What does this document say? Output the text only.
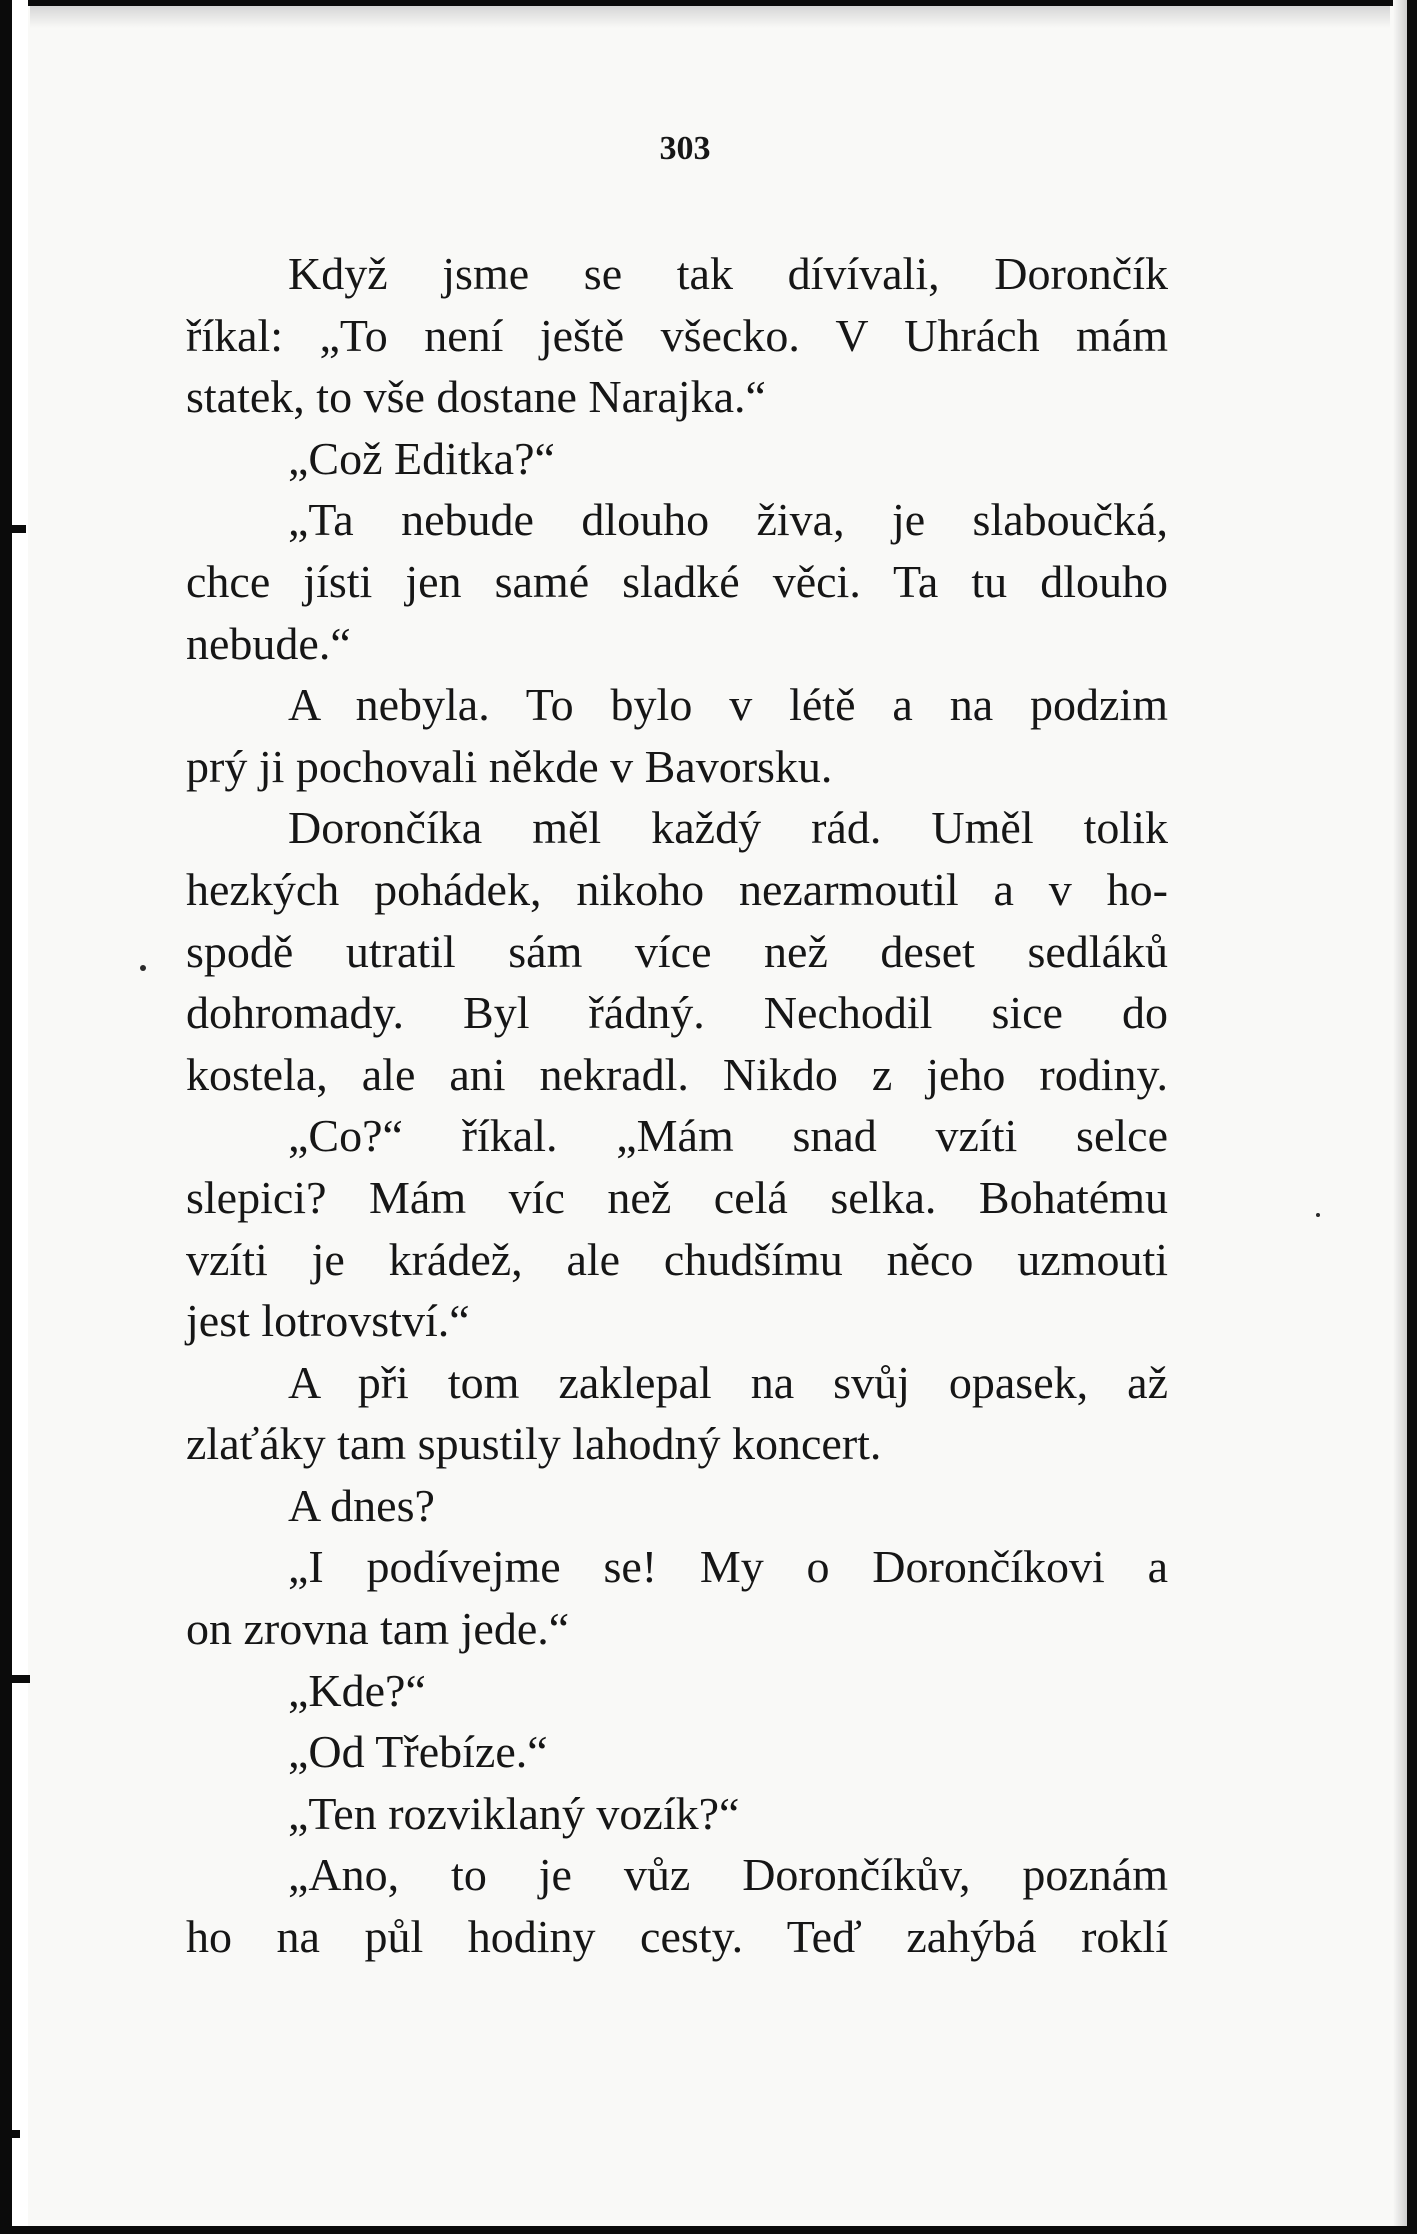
303
Když jsme se tak dívívali, Dorončík
říkal: „To není ještě všecko. V Uhrách mám
statek, to vše dostane Narajka.“
„Což Editka?“
„Ta nebude dlouho živa, je slaboučká,
chce jísti jen samé sladké věci. Ta tu dlouho
nebude.“
A nebyla. To bylo v létě a na podzim
prý ji pochovali někde v Bavorsku.
Dorončíka měl každý rád. Uměl tolik
hezkých pohádek, nikoho nezarmoutil a v ho-
spodě utratil sám více než deset sedláků
dohromady. Byl řádný. Nechodil sice do
kostela, ale ani nekradl. Nikdo z jeho rodiny.
„Co?“ říkal. „Mám snad vzíti selce
slepici? Mám víc než celá selka. Bohatému
vzíti je krádež, ale chudšímu něco uzmouti
jest lotrovství.“
A při tom zaklepal na svůj opasek, až
zlaťáky tam spustily lahodný koncert.
A dnes?
„I podívejme se! My o Dorončíkovi a
on zrovna tam jede.“
„Kde?“
„Od Třebíze.“
„Ten rozviklaný vozík?“
„Ano, to je vůz Dorončíkův, poznám
ho na půl hodiny cesty. Teď zahýbá roklí
